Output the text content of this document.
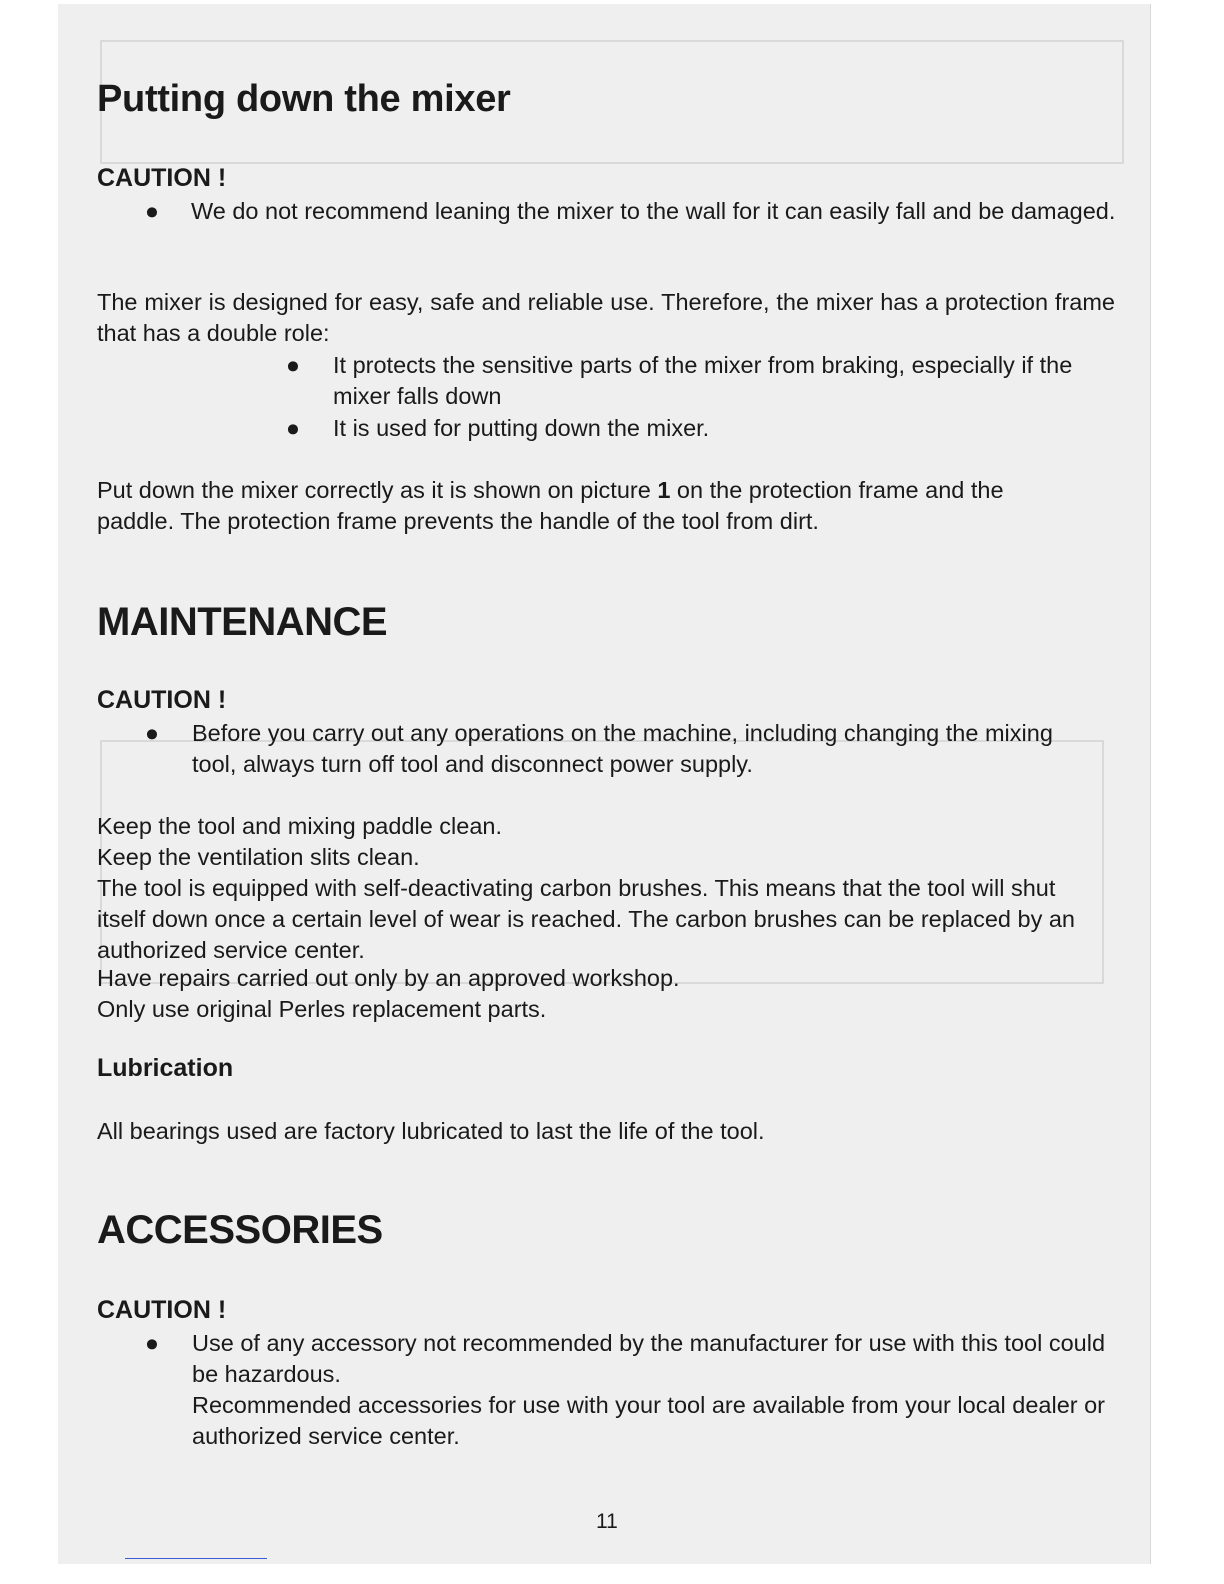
Putting down the mixer
CAUTION !
● We do not recommend leaning the mixer to the wall for it can easily fall and be damaged.

The mixer is designed for easy, safe and reliable use. Therefore, the mixer has a protection frame that has a double role:

● It protects the sensitive parts of the mixer from braking, especially if the mixer falls down
● It is used for putting down the mixer.

Put down the mixer correctly as it is shown on picture 1 on the protection frame and the paddle. The protection frame prevents the handle of the tool from dirt.

MAINTENANCE
CAUTION !
● Before you carry out any operations on the machine, including changing the mixing tool, always turn off tool and disconnect power supply.

Keep the tool and mixing paddle clean.

Keep the ventilation slits clean.

The tool is equipped with self-deactivating carbon brushes. This means that the tool will shut itself down once a certain level of wear is reached. The carbon brushes can be replaced by an authorized service center.

Have repairs carried out only by an approved workshop.

Only use original Perles replacement parts.

Lubrication

All bearings used are factory lubricated to last the life of the tool.

ACCESSORIES
CAUTION !
● Use of any accessory not recommended by the manufacturer for use with this tool could be hazardous.
Recommended accessories for use with your tool are available from your local dealer or authorized service center.
11
